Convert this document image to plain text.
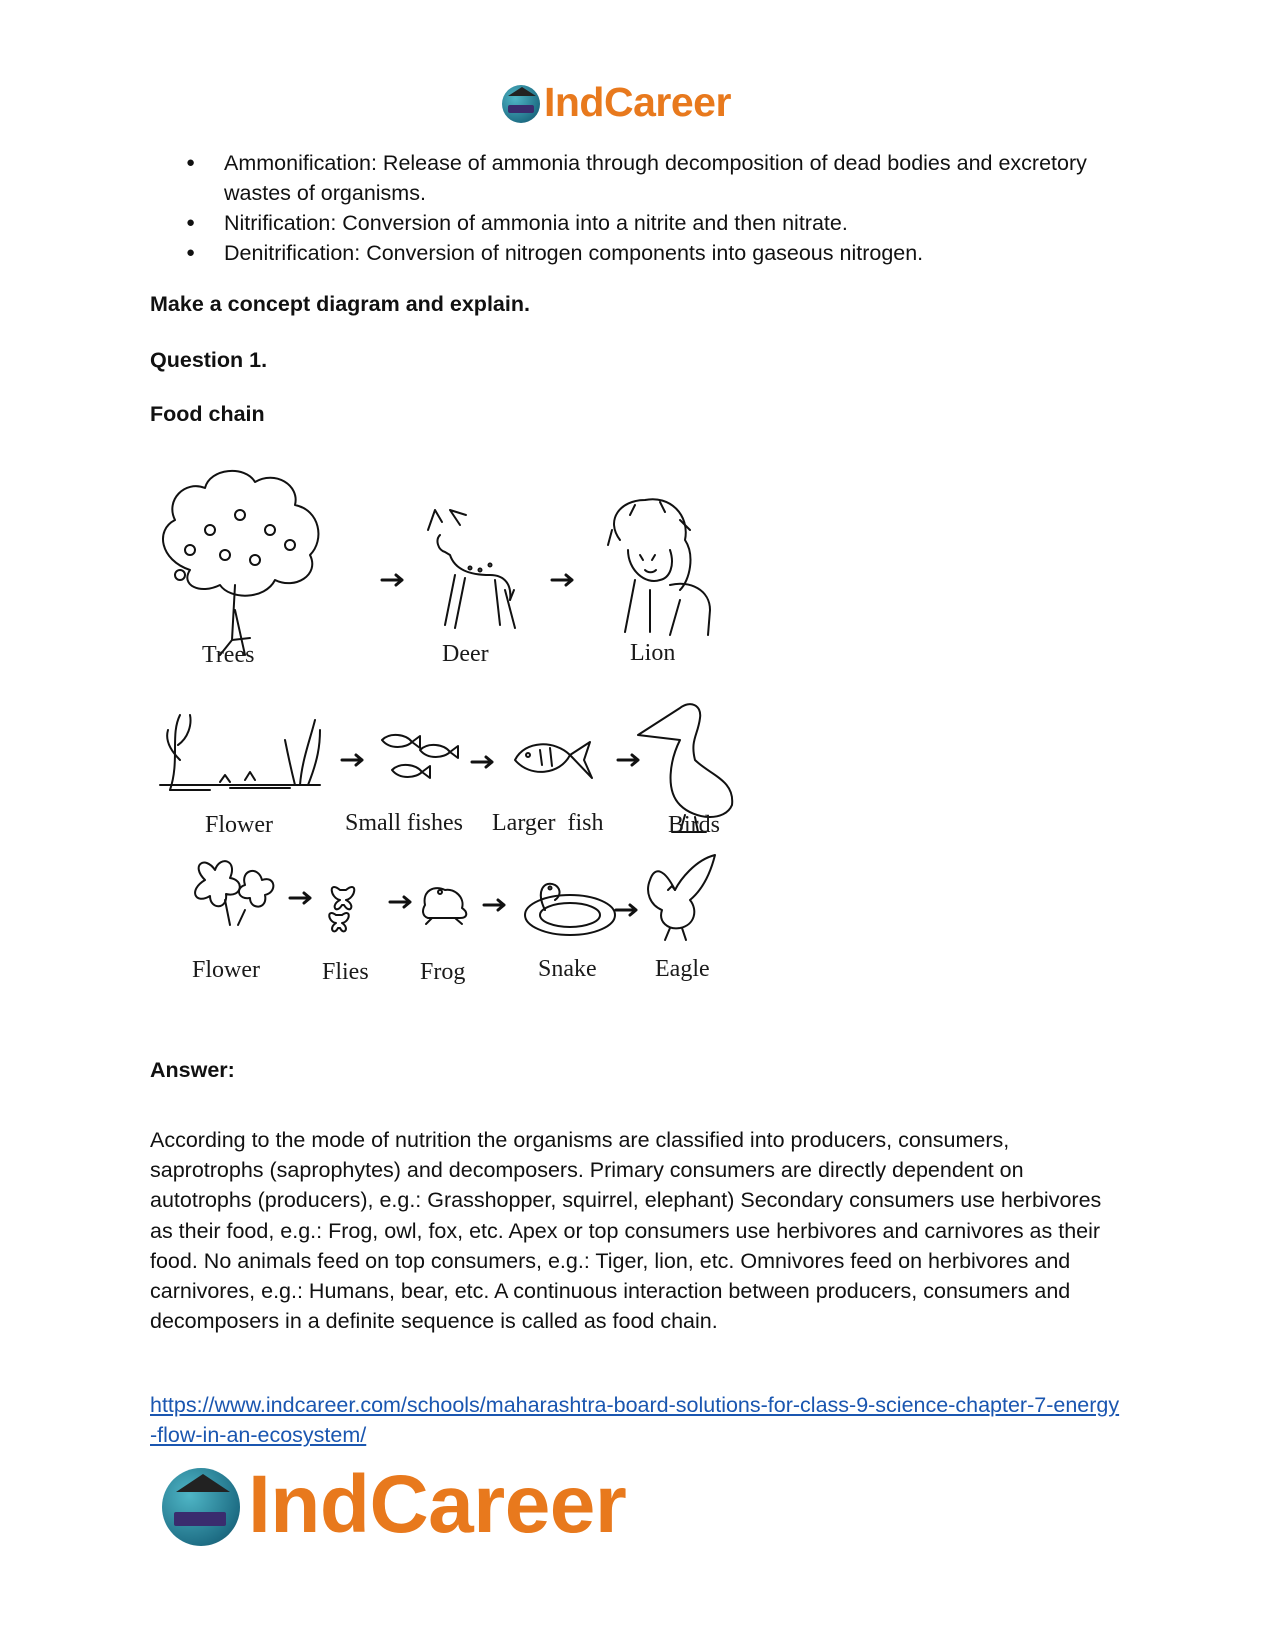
IndCareer
● Ammonification: Release of ammonia through decomposition of dead bodies and excretory wastes of organisms.
● Nitrification: Conversion of ammonia into a nitrite and then nitrate.
● Denitrification: Conversion of nitrogen components into gaseous nitrogen.
Make a concept diagram and explain.
Question 1.
Food chain
Trees	Deer	Lion
Flower	Small fishes Larger  fish	Birds
Flower	Flies Frog	Snake Eagle
Answer:
According to the mode of nutrition the organisms are classified into producers, consumers, saprotrophs (saprophytes) and decomposers. Primary consumers are directly dependent on autotrophs (producers), e.g.: Grasshopper, squirrel, elephant) Secondary consumers use herbivores as their food, e.g.: Frog, owl, fox, etc. Apex or top consumers use herbivores and carnivores as their food. No animals feed on top consumers, e.g.: Tiger, lion, etc. Omnivores feed on herbivores and carnivores, e.g.: Humans, bear, etc. A continuous interaction between producers, consumers and decomposers in a definite sequence is called as food chain.
https://www.indcareer.com/schools/maharashtra-board-solutions-for-class-9-science-chapter-7-energy-flow-in-an-ecosystem/
IndCareer
